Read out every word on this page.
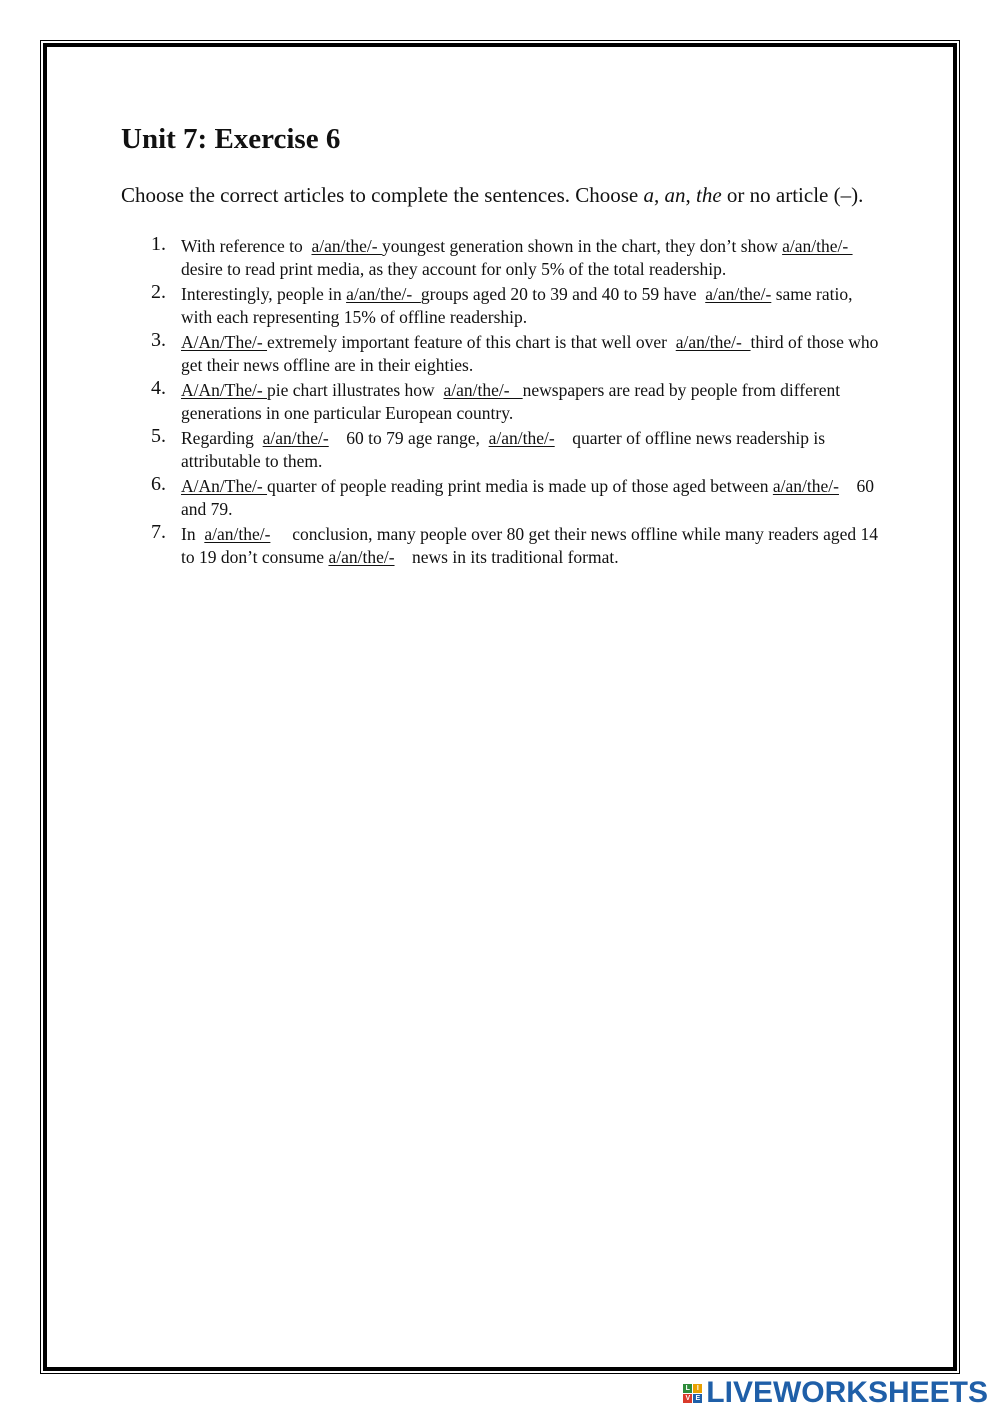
Unit 7: Exercise 6

Choose the correct articles to complete the sentences. Choose a, an, the or no article (–).

1. With reference to  a/an/the/- youngest generation shown in the chart, they don’t show a/an/the/- desire to read print media, as they account for only 5% of the total readership.
2. Interestingly, people in a/an/the/-  groups aged 20 to 39 and 40 to 59 have  a/an/the/- same ratio, with each representing 15% of offline readership.
3. A/An/The/- extremely important feature of this chart is that well over  a/an/the/-  third of those who get their news offline are in their eighties.
4. A/An/The/- pie chart illustrates how  a/an/the/-   newspapers are read by people from different generations in one particular European country.
5. Regarding  a/an/the/-    60 to 79 age range,  a/an/the/-    quarter of offline news readership is attributable to them.
6. A/An/The/- quarter of people reading print media is made up of those aged between a/an/the/-    60 and 79.
7. In  a/an/the/-     conclusion, many people over 80 get their news offline while many readers aged 14 to 19 don’t consume a/an/the/-    news in its traditional format.
L I
V E LIVEWORKSHEETS
